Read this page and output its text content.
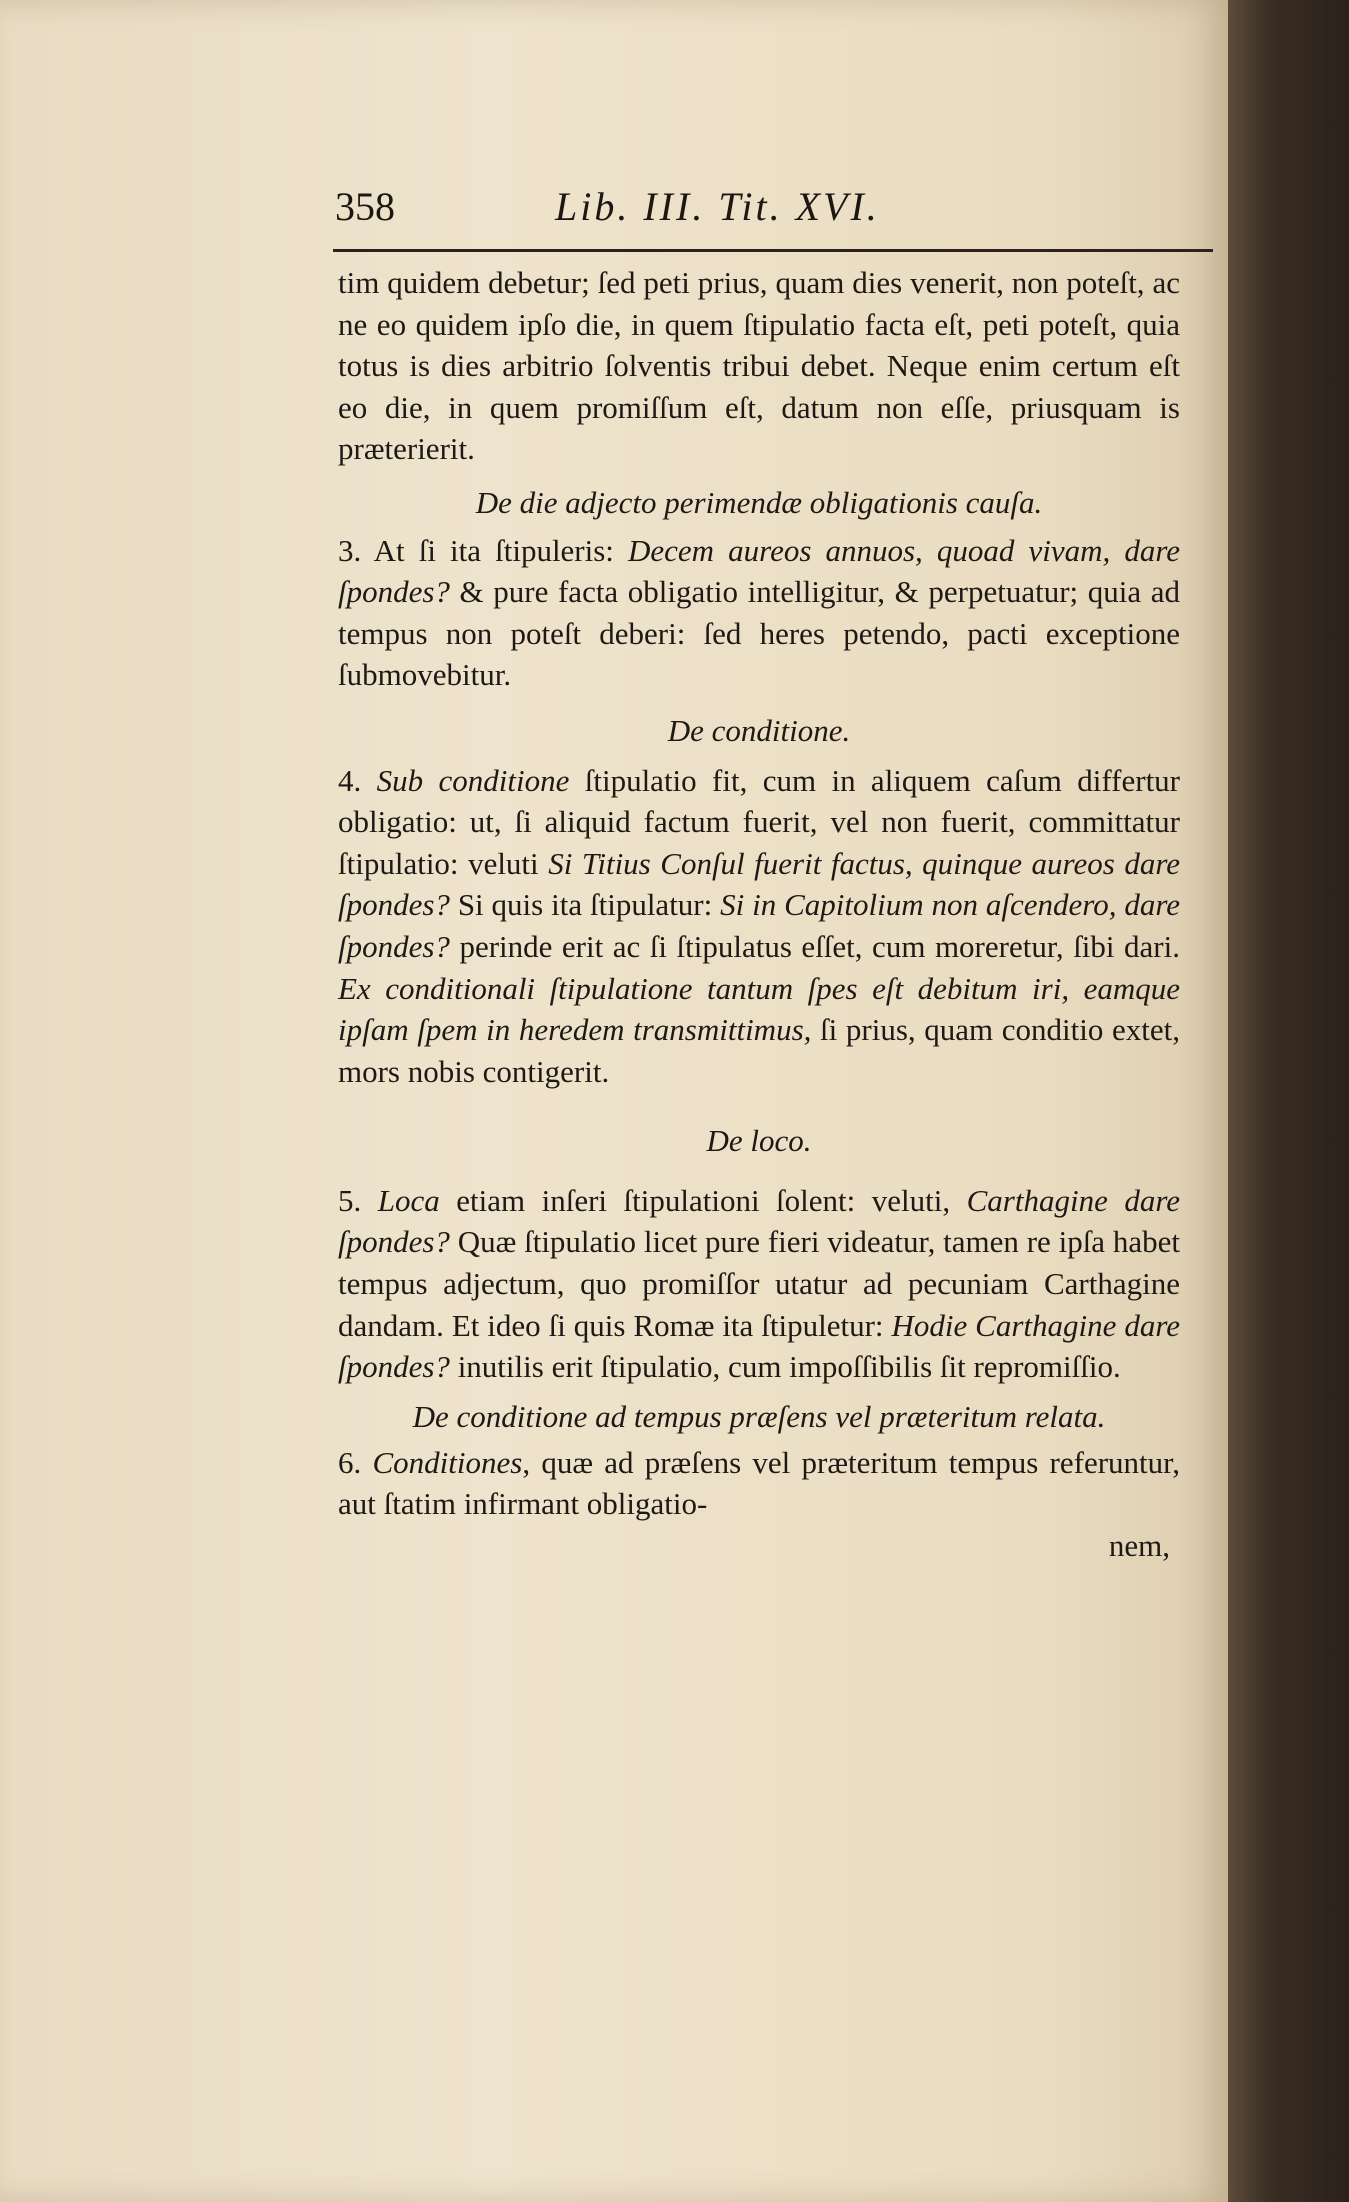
358	Lib. III. Tit. XVI.

tim quidem debetur; ſed peti prius, quam dies venerit, non poteſt, ac ne eo quidem ipſo die, in quem ſtipulatio facta eſt, peti poteſt, quia totus is dies arbitrio ſolventis tribui debet. Neque enim certum eſt eo die, in quem promiſſum eſt, datum non eſſe, priusquam is præterierit.

De die adjecto perimendæ obligationis cauſa.

3. At ſi ita ſtipuleris: Decem aureos annuos, quoad vivam, dare ſpondes? & pure facta obligatio intelligitur, & perpetuatur; quia ad tempus non poteſt deberi: ſed heres petendo, pacti exceptione ſubmovebitur.

De conditione.

4. Sub conditione ſtipulatio fit, cum in aliquem caſum differtur obligatio: ut, ſi aliquid factum fuerit, vel non fuerit, committatur ſtipulatio: veluti Si Titius Conſul fuerit factus, quinque aureos dare ſpondes? Si quis ita ſtipulatur: Si in Capitolium non aſcendero, dare ſpondes? perinde erit ac ſi ſtipulatus eſſet, cum moreretur, ſibi dari. Ex conditionali ſtipulatione tantum ſpes eſt debitum iri, eamque ipſam ſpem in heredem transmittimus, ſi prius, quam conditio extet, mors nobis contigerit.

De loco.

5. Loca etiam inſeri ſtipulationi ſolent: veluti, Carthagine dare ſpondes? Quæ ſtipulatio licet pure fieri videatur, tamen re ipſa habet tempus adjectum, quo promiſſor utatur ad pecuniam Carthagine dandam. Et ideo ſi quis Romæ ita ſtipuletur: Hodie Carthagine dare ſpondes? inutilis erit ſtipulatio, cum impoſſibilis ſit repromiſſio.

De conditione ad tempus præſens vel præteritum relata.

6. Conditiones, quæ ad præſens vel præteritum tempus referuntur, aut ſtatim infirmant obligatio-

nem,
